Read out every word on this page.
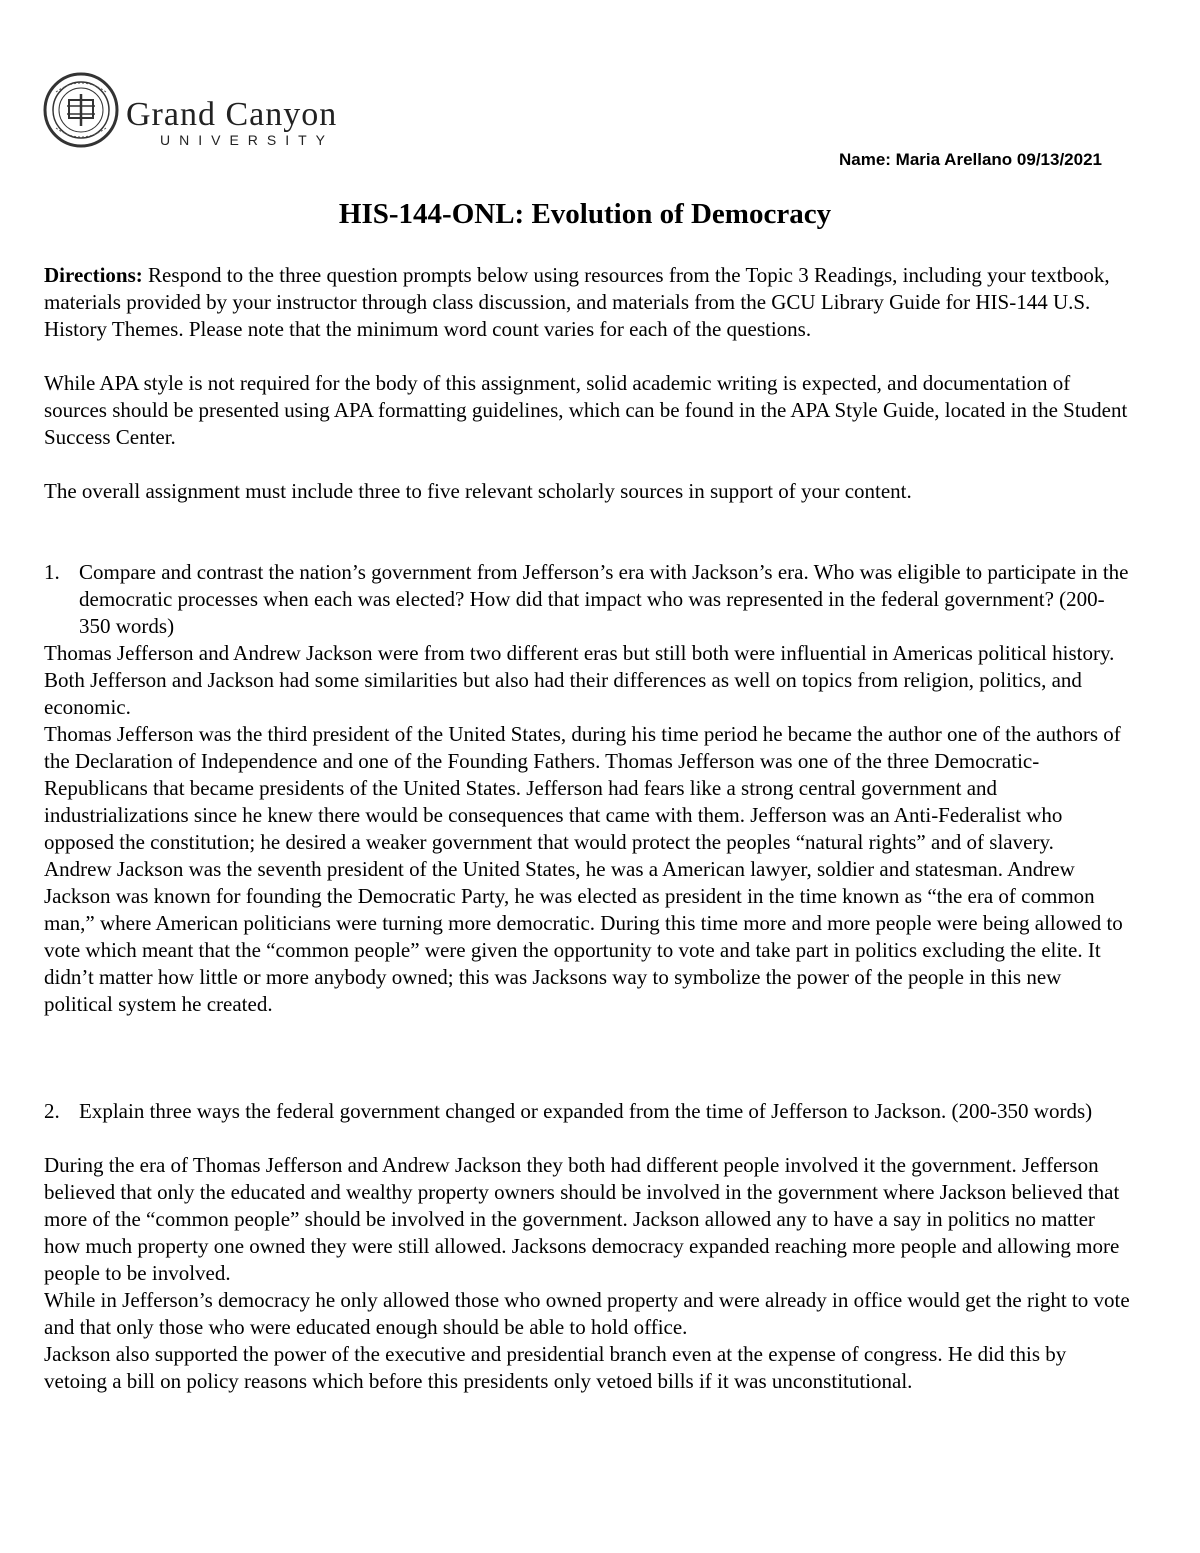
Grand Canyon
UNIVERSITY
Name: Maria Arellano 09/13/2021
HIS-144-ONL: Evolution of Democracy

Directions: Respond to the three question prompts below using resources from the Topic 3 Readings, including your textbook, materials provided by your instructor through class discussion, and materials from the GCU Library Guide for HIS-144 U.S. History Themes. Please note that the minimum word count varies for each of the questions.

While APA style is not required for the body of this assignment, solid academic writing is expected, and documentation of sources should be presented using APA formatting guidelines, which can be found in the APA Style Guide, located in the Student Success Center.

The overall assignment must include three to five relevant scholarly sources in support of your content.

1. Compare and contrast the nation’s government from Jefferson’s era with Jackson’s era. Who was eligible to participate in the democratic processes when each was elected? How did that impact who was represented in the federal government? (200-350 words)

Thomas Jefferson and Andrew Jackson were from two different eras but still both were influential in Americas political history. Both Jefferson and Jackson had some similarities but also had their differences as well on topics from religion, politics, and economic.

Thomas Jefferson was the third president of the United States, during his time period he became the author one of the authors of the Declaration of Independence and one of the Founding Fathers. Thomas Jefferson was one of the three Democratic-Republicans that became presidents of the United States. Jefferson had fears like a strong central government and industrializations since he knew there would be consequences that came with them. Jefferson was an Anti-Federalist who opposed the constitution; he desired a weaker government that would protect the peoples “natural rights” and of slavery.

Andrew Jackson was the seventh president of the United States, he was a American lawyer, soldier and statesman. Andrew Jackson was known for founding the Democratic Party, he was elected as president in the time known as “the era of common man,” where American politicians were turning more democratic. During this time more and more people were being allowed to vote which meant that the “common people” were given the opportunity to vote and take part in politics excluding the elite. It didn’t matter how little or more anybody owned; this was Jacksons way to symbolize the power of the people in this new political system he created.

2. Explain three ways the federal government changed or expanded from the time of Jefferson to Jackson. (200-350 words)

During the era of Thomas Jefferson and Andrew Jackson they both had different people involved it the government. Jefferson believed that only the educated and wealthy property owners should be involved in the government where Jackson believed that more of the “common people” should be involved in the government. Jackson allowed any to have a say in politics no matter how much property one owned they were still allowed. Jacksons democracy expanded reaching more people and allowing more people to be involved.

While in Jefferson’s democracy he only allowed those who owned property and were already in office would get the right to vote and that only those who were educated enough should be able to hold office.

Jackson also supported the power of the executive and presidential branch even at the expense of congress. He did this by vetoing a bill on policy reasons which before this presidents only vetoed bills if it was unconstitutional.
